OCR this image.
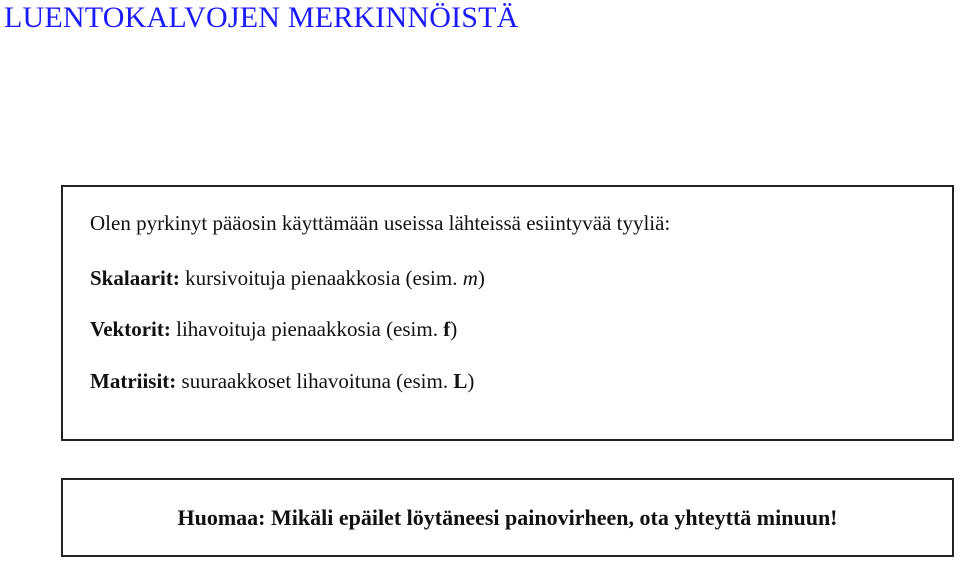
LUENTOKALVOJEN MERKINNÖISTÄ
Olen pyrkinyt pääosin käyttämään useissa lähteissä esiintyvää tyyliä:
Skalaarit: kursivoituja pienaakkosia (esim. m)
Vektorit: lihavoituja pienaakkosia (esim. f)
Matriisit: suuraakkoset lihavoituna (esim. L)
Huomaa: Mikäli epäilet löytäneesi painovirheen, ota yhteyttä minuun!
